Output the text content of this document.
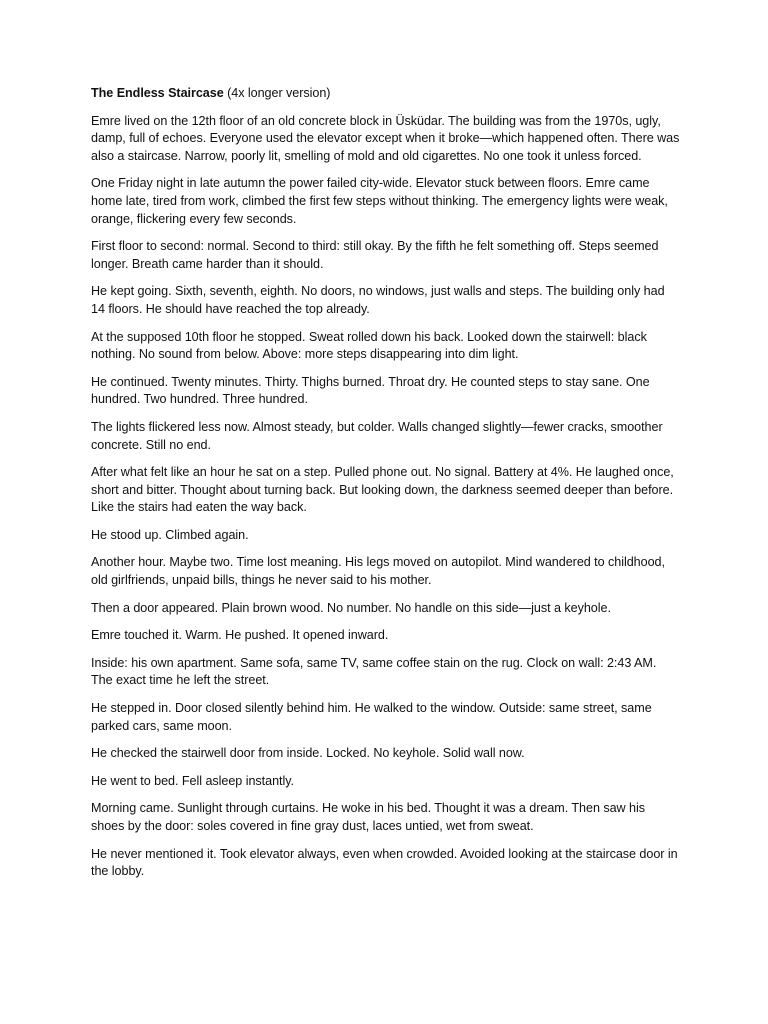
The Endless Staircase (4x longer version)

Emre lived on the 12th floor of an old concrete block in Üsküdar. The building was from the 1970s, ugly, damp, full of echoes. Everyone used the elevator except when it broke—which happened often. There was also a staircase. Narrow, poorly lit, smelling of mold and old cigarettes. No one took it unless forced.

One Friday night in late autumn the power failed city-wide. Elevator stuck between floors. Emre came home late, tired from work, climbed the first few steps without thinking. The emergency lights were weak, orange, flickering every few seconds.

First floor to second: normal. Second to third: still okay. By the fifth he felt something off. Steps seemed longer. Breath came harder than it should.

He kept going. Sixth, seventh, eighth. No doors, no windows, just walls and steps. The building only had 14 floors. He should have reached the top already.

At the supposed 10th floor he stopped. Sweat rolled down his back. Looked down the stairwell: black nothing. No sound from below. Above: more steps disappearing into dim light.

He continued. Twenty minutes. Thirty. Thighs burned. Throat dry. He counted steps to stay sane. One hundred. Two hundred. Three hundred.

The lights flickered less now. Almost steady, but colder. Walls changed slightly—fewer cracks, smoother concrete. Still no end.

After what felt like an hour he sat on a step. Pulled phone out. No signal. Battery at 4%. He laughed once, short and bitter. Thought about turning back. But looking down, the darkness seemed deeper than before. Like the stairs had eaten the way back.

He stood up. Climbed again.

Another hour. Maybe two. Time lost meaning. His legs moved on autopilot. Mind wandered to childhood, old girlfriends, unpaid bills, things he never said to his mother.

Then a door appeared. Plain brown wood. No number. No handle on this side—just a keyhole.

Emre touched it. Warm. He pushed. It opened inward.

Inside: his own apartment. Same sofa, same TV, same coffee stain on the rug. Clock on wall: 2:43 AM. The exact time he left the street.

He stepped in. Door closed silently behind him. He walked to the window. Outside: same street, same parked cars, same moon.

He checked the stairwell door from inside. Locked. No keyhole. Solid wall now.

He went to bed. Fell asleep instantly.

Morning came. Sunlight through curtains. He woke in his bed. Thought it was a dream. Then saw his shoes by the door: soles covered in fine gray dust, laces untied, wet from sweat.

He never mentioned it. Took elevator always, even when crowded. Avoided looking at the staircase door in the lobby.
